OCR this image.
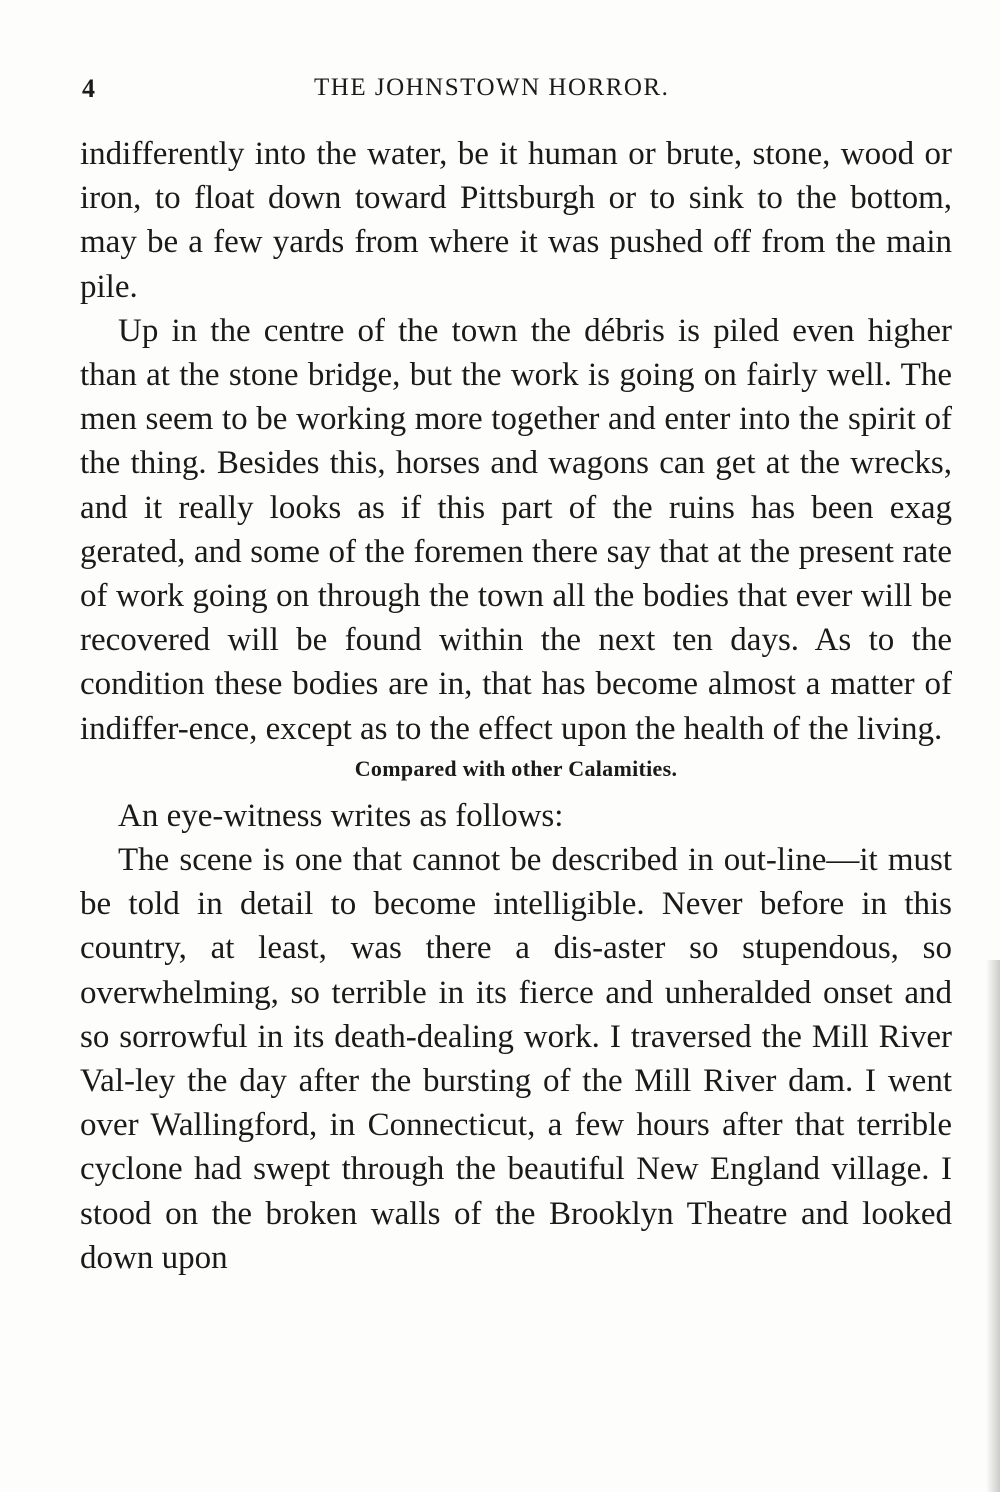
4	THE JOHNSTOWN HORROR.

indifferently into the water, be it human or brute, stone, wood or iron, to float down toward Pittsburgh or to sink to the bottom, may be a few yards from where it was pushed off from the main pile.

Up in the centre of the town the débris is piled even higher than at the stone bridge, but the work is going on fairly well. The men seem to be working more together and enter into the spirit of the thing. Besides this, horses and wagons can get at the wrecks, and it really looks as if this part of the ruins has been exag gerated, and some of the foremen there say that at the present rate of work going on through the town all the bodies that ever will be recovered will be found within the next ten days. As to the condition these bodies are in, that has become almost a matter of indiffer-ence, except as to the effect upon the health of the living.

Compared with other Calamities.

An eye-witness writes as follows:

The scene is one that cannot be described in out-line—it must be told in detail to become intelligible. Never before in this country, at least, was there a dis-aster so stupendous, so overwhelming, so terrible in its fierce and unheralded onset and so sorrowful in its death-dealing work. I traversed the Mill River Val-ley the day after the bursting of the Mill River dam. I went over Wallingford, in Connecticut, a few hours after that terrible cyclone had swept through the beautiful New England village. I stood on the broken walls of the Brooklyn Theatre and looked down upon
